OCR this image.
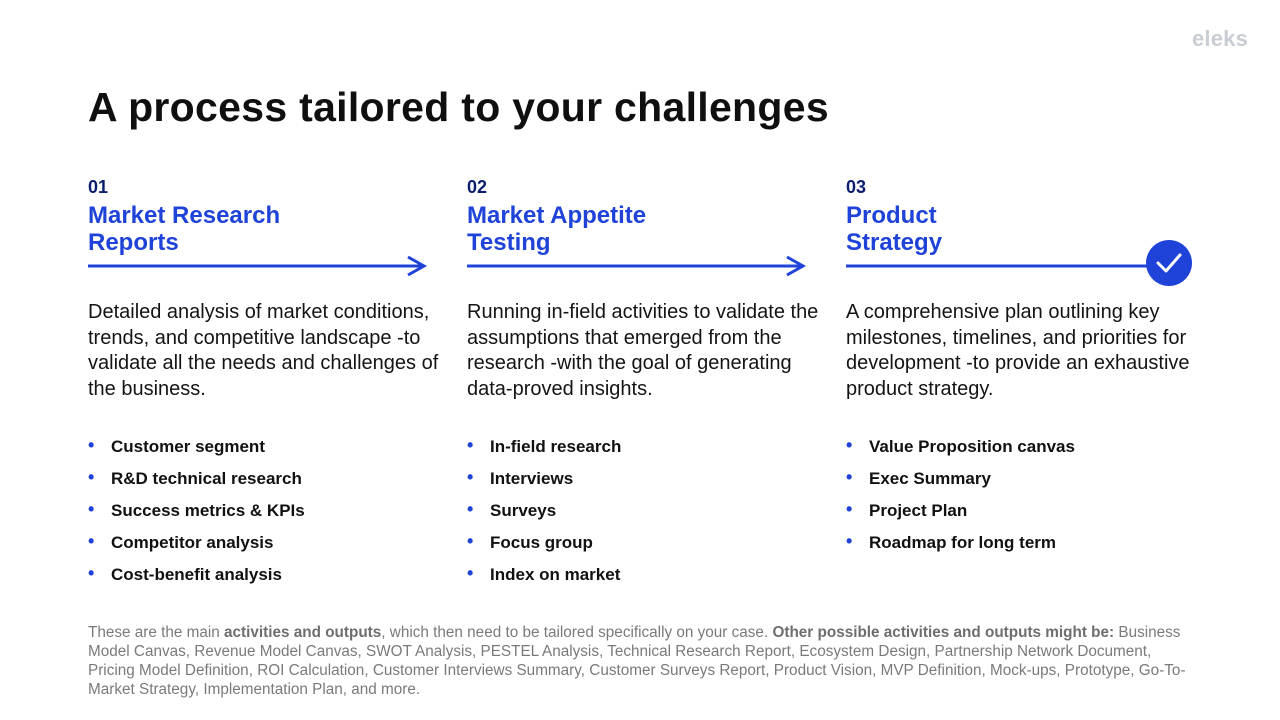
eleks
A process tailored to your challenges
01
Market Research
Reports
Detailed analysis of market conditions, trends, and competitive landscape -to validate all the needs and challenges of the business.
• Customer segment
• R&D technical research
• Success metrics & KPIs
• Competitor analysis
• Cost-benefit analysis
02
Market Appetite
Testing
Running in-field activities to validate the assumptions that emerged from the research -with the goal of generating data-proved insights.
• In-field research
• Interviews
• Surveys
• Focus group
• Index on market
03
Product
Strategy
A comprehensive plan outlining key milestones, timelines, and priorities for development -to provide an exhaustive product strategy.
• Value Proposition canvas
• Exec Summary
• Project Plan
• Roadmap for long term
These are the main activities and outputs, which then need to be tailored specifically on your case. Other possible activities and outputs might be: Business Model Canvas, Revenue Model Canvas, SWOT Analysis, PESTEL Analysis, Technical Research Report, Ecosystem Design, Partnership Network Document, Pricing Model Definition, ROI Calculation, Customer Interviews Summary, Customer Surveys Report, Product Vision, MVP Definition, Mock-ups, Prototype, Go-To-Market Strategy, Implementation Plan, and more.
